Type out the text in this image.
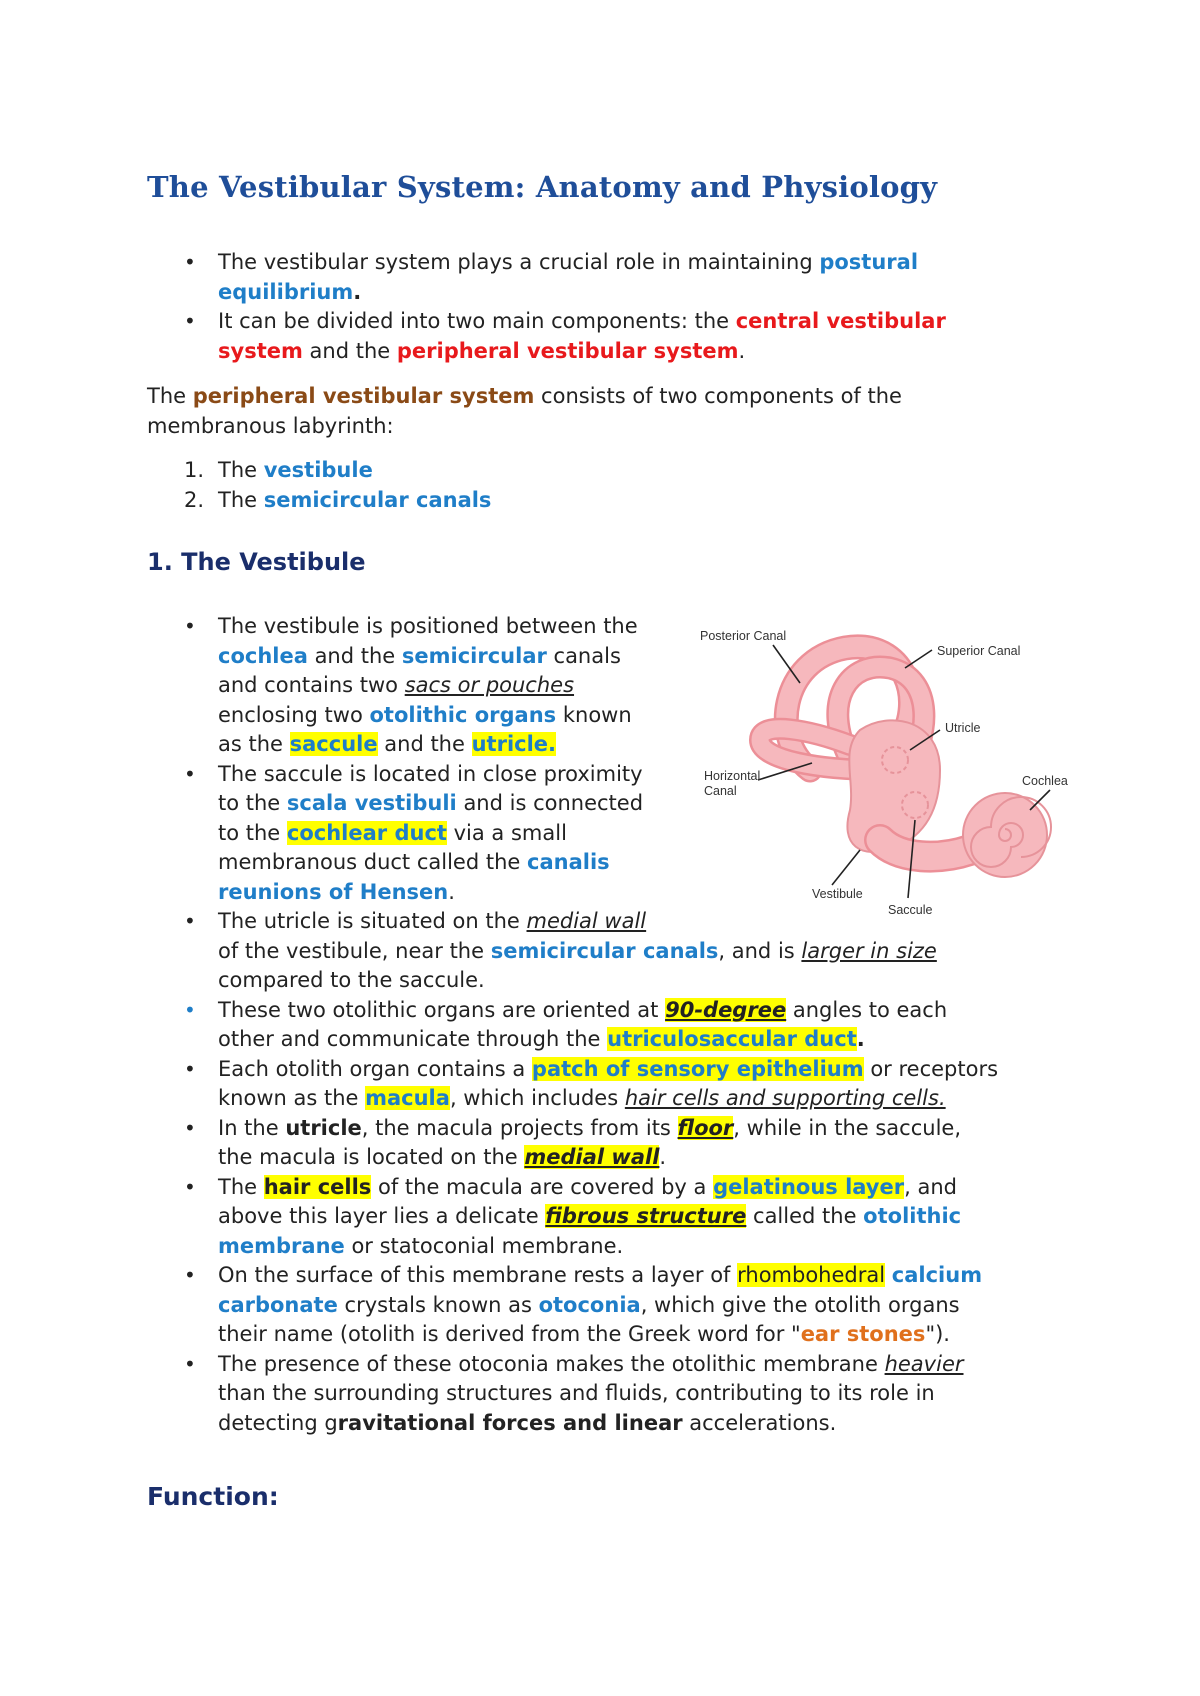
The Vestibular System: Anatomy and Physiology
• The vestibular system plays a crucial role in maintaining postural
equilibrium.
• It can be divided into two main components: the central vestibular
system and the peripheral vestibular system.

The peripheral vestibular system consists of two components of the
membranous labyrinth:

1. The vestibule
2. The semicircular canals
1. The Vestibule
Posterior Canal
Superior Canal
Utricle
Horizontal
Canal
Cochlea
Vestibule
Saccule
• The vestibule is positioned between the
cochlea and the semicircular canals
and contains two sacs or pouches
enclosing two otolithic organs known
as the saccule and the utricle.
• The saccule is located in close proximity
to the scala vestibuli and is connected
to the cochlear duct via a small
membranous duct called the canalis
reunions of Hensen.
• The utricle is situated on the medial wall
of the vestibule, near the semicircular canals, and is larger in size
compared to the saccule.
• These two otolithic organs are oriented at 90-degree angles to each
other and communicate through the utriculosaccular duct.
• Each otolith organ contains a patch of sensory epithelium or receptors
known as the macula, which includes hair cells and supporting cells.
• In the utricle, the macula projects from its floor, while in the saccule,
the macula is located on the medial wall.
• The hair cells of the macula are covered by a gelatinous layer, and
above this layer lies a delicate fibrous structure called the otolithic
membrane or statoconial membrane.
• On the surface of this membrane rests a layer of rhombohedral calcium
carbonate crystals known as otoconia, which give the otolith organs
their name (otolith is derived from the Greek word for "ear stones").
• The presence of these otoconia makes the otolithic membrane heavier
than the surrounding structures and fluids, contributing to its role in
detecting gravitational forces and linear accelerations.
Function:
